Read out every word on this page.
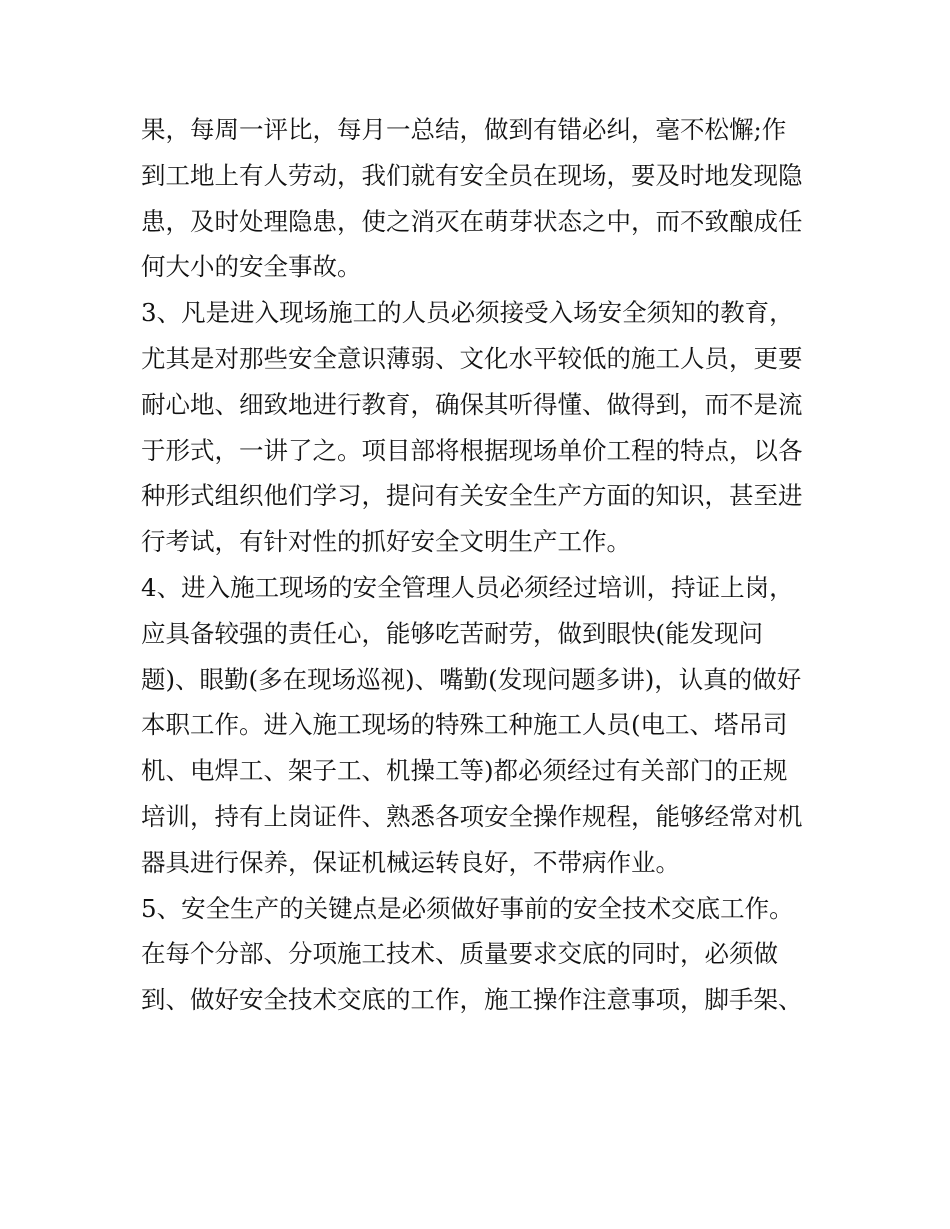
果，每周一评比，每月一总结，做到有错必纠，毫不松懈;作
到工地上有人劳动，我们就有安全员在现场，要及时地发现隐
患，及时处理隐患，使之消灭在萌芽状态之中，而不致酿成任
何大小的安全事故。
3、凡是进入现场施工的人员必须接受入场安全须知的教育，
尤其是对那些安全意识薄弱、文化水平较低的施工人员，更要
耐心地、细致地进行教育，确保其听得懂、做得到，而不是流
于形式，一讲了之。项目部将根据现场单价工程的特点，以各
种形式组织他们学习，提问有关安全生产方面的知识，甚至进
行考试，有针对性的抓好安全文明生产工作。
4、进入施工现场的安全管理人员必须经过培训，持证上岗，
应具备较强的责任心，能够吃苦耐劳，做到眼快(能发现问
题)、眼勤(多在现场巡视)、嘴勤(发现问题多讲)，认真的做好
本职工作。进入施工现场的特殊工种施工人员(电工、塔吊司
机、电焊工、架子工、机操工等)都必须经过有关部门的正规
培训，持有上岗证件、熟悉各项安全操作规程，能够经常对机
器具进行保养，保证机械运转良好，不带病作业。
5、安全生产的关键点是必须做好事前的安全技术交底工作。
在每个分部、分项施工技术、质量要求交底的同时，必须做
到、做好安全技术交底的工作，施工操作注意事项，脚手架、
